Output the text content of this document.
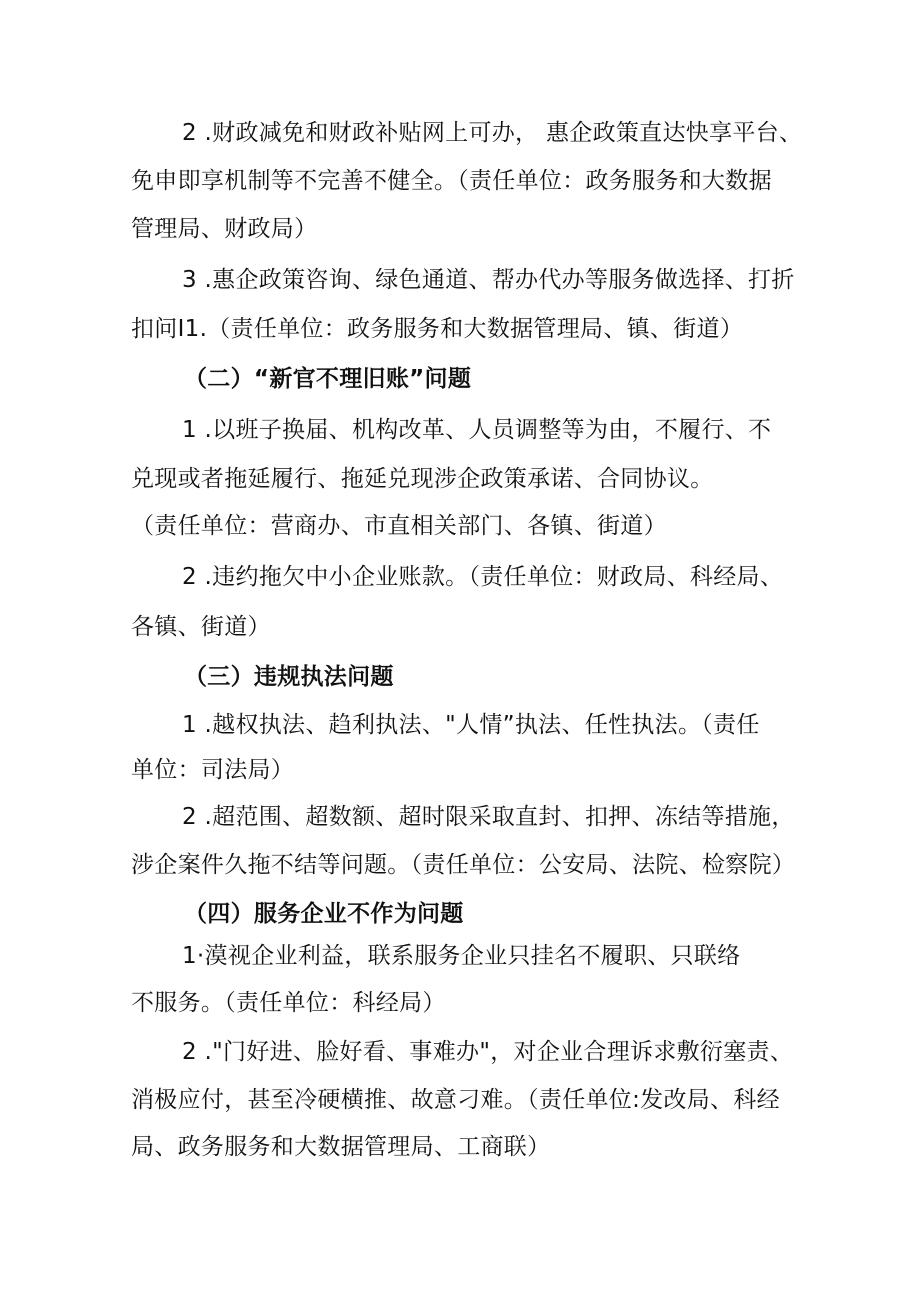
2 .财政减免和财政补贴网上可办， 惠企政策直达快享平台、
免申即享机制等不完善不健全。（责任单位：政务服务和大数据
管理局、财政局）
3 .惠企政策咨询、绿色通道、帮办代办等服务做选择、打折
扣问I1.（责任单位：政务服务和大数据管理局、镇、街道）
（二）“新官不理旧账”问题
1 .以班子换届、机构改革、人员调整等为由，不履行、不
兑现或者拖延履行、拖延兑现涉企政策承诺、合同协议。
（责任单位：营商办、市直相关部门、各镇、街道）
2 .违约拖欠中小企业账款。（责任单位：财政局、科经局、
各镇、街道）
（三）违规执法问题
1 .越权执法、趋利执法、"人情”执法、任性执法。（责任
单位：司法局）
2 .超范围、超数额、超时限采取直封、扣押、冻结等措施，
涉企案件久拖不结等问题。（责任单位：公安局、法院、检察院）
（四）服务企业不作为问题
1·漠视企业利益，联系服务企业只挂名不履职、只联络
不服务。（责任单位：科经局）
2 ."门好进、脸好看、事难办"，对企业合理诉求敷衍塞责、
消极应付，甚至冷硬横推、故意刁难。（责任单位:发改局、科经
局、政务服务和大数据管理局、工商联）
